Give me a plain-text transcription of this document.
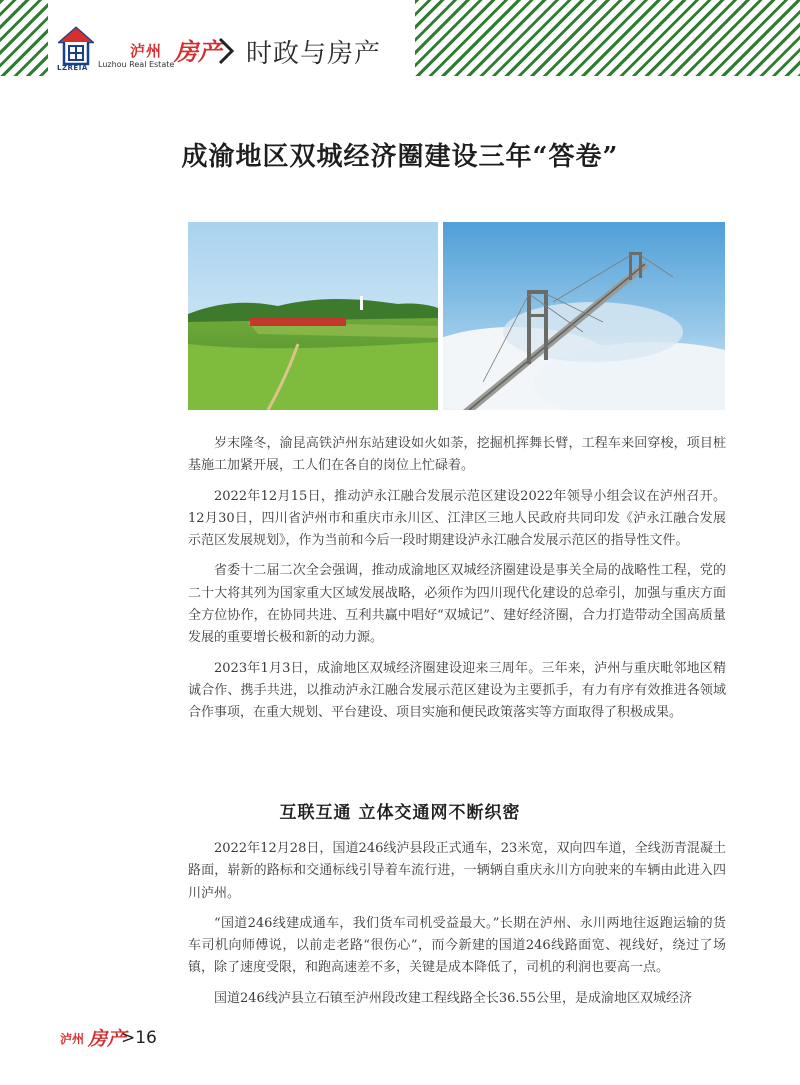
LZREIA
泸州 房产
Luzhou Real Estate	时政与房产
成渝地区双城经济圈建设三年“答卷”

岁末隆冬，渝昆高铁泸州东站建设如火如荼，挖掘机挥舞长臂，工程车来回穿梭，项目桩基施工加紧开展，工人们在各自的岗位上忙碌着。

2022年12月15日，推动泸永江融合发展示范区建设2022年领导小组会议在泸州召开。12月30日，四川省泸州市和重庆市永川区、江津区三地人民政府共同印发《泸永江融合发展示范区发展规划》，作为当前和今后一段时期建设泸永江融合发展示范区的指导性文件。

省委十二届二次全会强调，推动成渝地区双城经济圈建设是事关全局的战略性工程，党的二十大将其列为国家重大区域发展战略，必须作为四川现代化建设的总牵引，加强与重庆方面全方位协作，在协同共进、互利共赢中唱好“双城记”、建好经济圈，合力打造带动全国高质量发展的重要增长极和新的动力源。

2023年1月3日，成渝地区双城经济圈建设迎来三周年。三年来，泸州与重庆毗邻地区精诚合作、携手共进，以推动泸永江融合发展示范区建设为主要抓手，有力有序有效推进各领域合作事项，在重大规划、平台建设、项目实施和便民政策落实等方面取得了积极成果。

互联互通 立体交通网不断织密

2022年12月28日，国道246线泸县段正式通车，23米宽，双向四车道，全线沥青混凝土路面，崭新的路标和交通标线引导着车流行进，一辆辆自重庆永川方向驶来的车辆由此进入四川泸州。

“国道246线建成通车，我们货车司机受益最大。”长期在泸州、永川两地往返跑运输的货车司机向师傅说，以前走老路“很伤心”，而今新建的国道246线路面宽、视线好，绕过了场镇，除了速度受限，和跑高速差不多，关键是成本降低了，司机的利润也要高一点。

国道246线泸县立石镇至泸州段改建工程线路全长36.55公里，是成渝地区双城经济

泸州 房产
>16
